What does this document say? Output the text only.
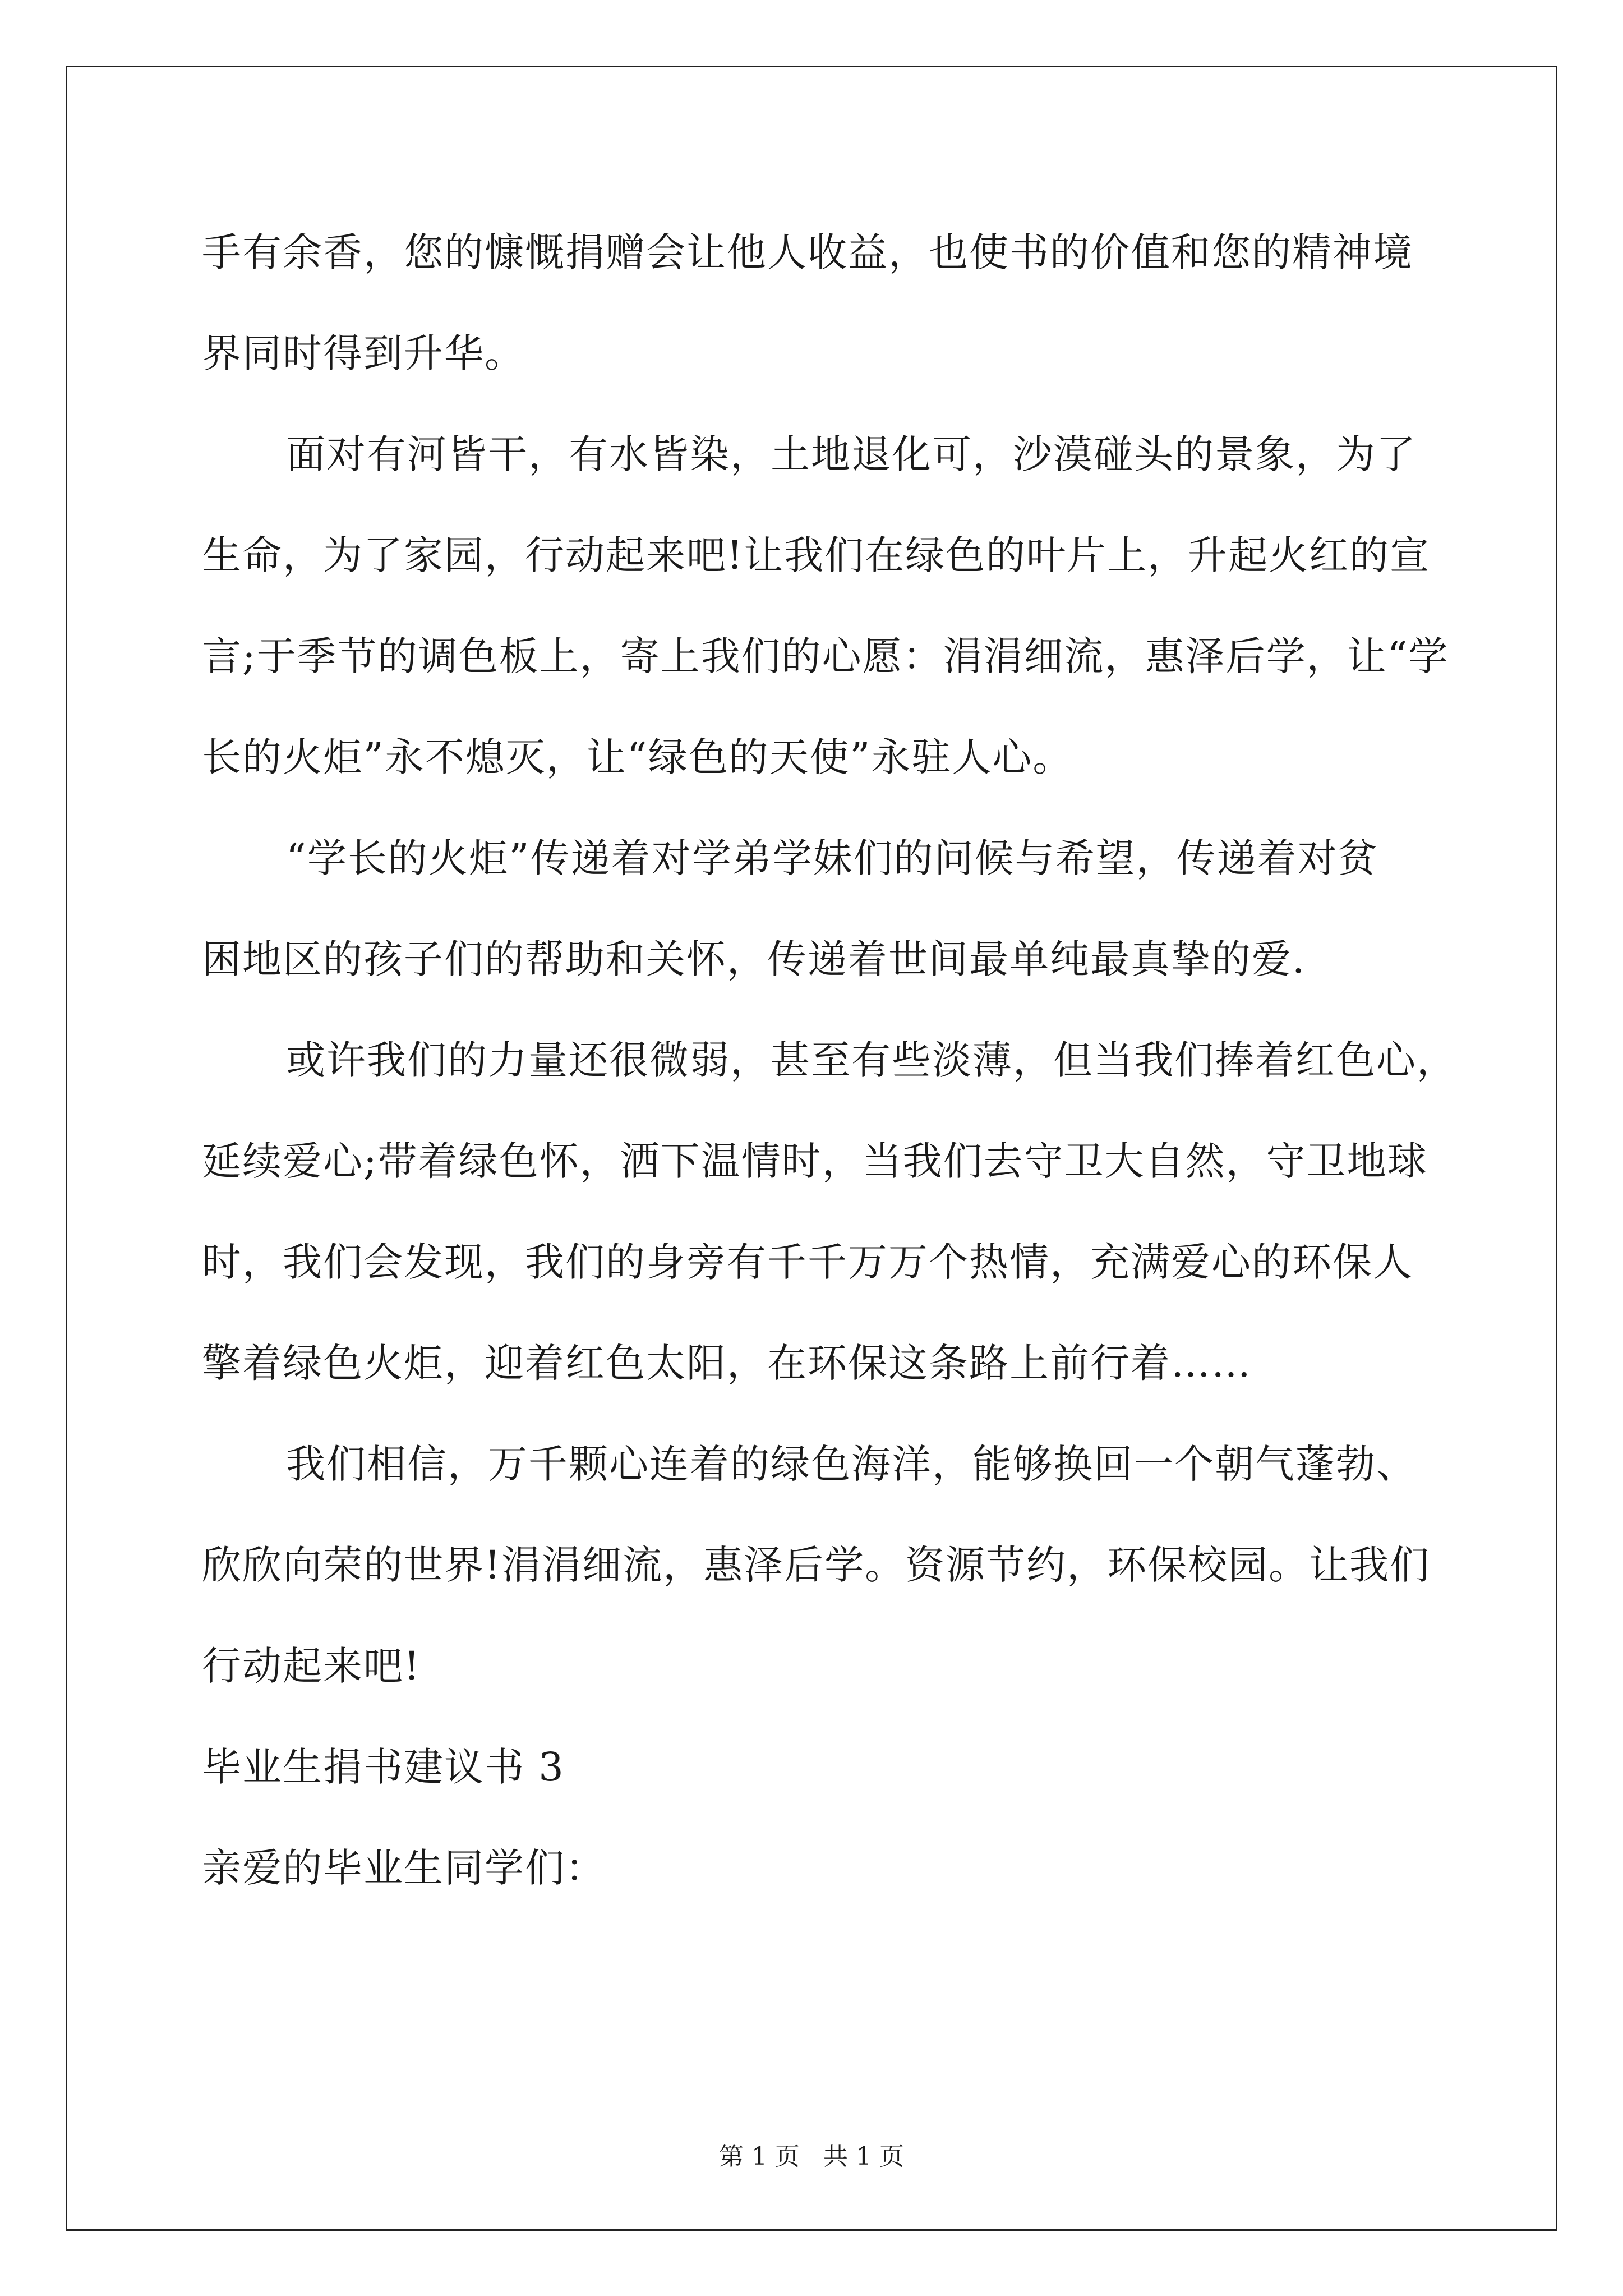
手有余香，您的慷慨捐赠会让他人收益，也使书的价值和您的精神境

界同时得到升华。

面对有河皆干，有水皆染，土地退化可，沙漠碰头的景象，为了

生命，为了家园，行动起来吧!让我们在绿色的叶片上，升起火红的宣

言;于季节的调色板上，寄上我们的心愿：涓涓细流，惠泽后学，让“学

长的火炬”永不熄灭，让“绿色的天使”永驻人心。

“学长的火炬”传递着对学弟学妹们的问候与希望，传递着对贫

困地区的孩子们的帮助和关怀，传递着世间最单纯最真挚的爱.

或许我们的力量还很微弱，甚至有些淡薄，但当我们捧着红色心，

延续爱心;带着绿色怀，洒下温情时，当我们去守卫大自然，守卫地球

时，我们会发现，我们的身旁有千千万万个热情，充满爱心的环保人

擎着绿色火炬，迎着红色太阳，在环保这条路上前行着……

我们相信，万千颗心连着的绿色海洋，能够换回一个朝气蓬勃、

欣欣向荣的世界!涓涓细流，惠泽后学。资源节约，环保校园。让我们

行动起来吧!

毕业生捐书建议书 3

亲爱的毕业生同学们：

第 1 页 共 1 页
